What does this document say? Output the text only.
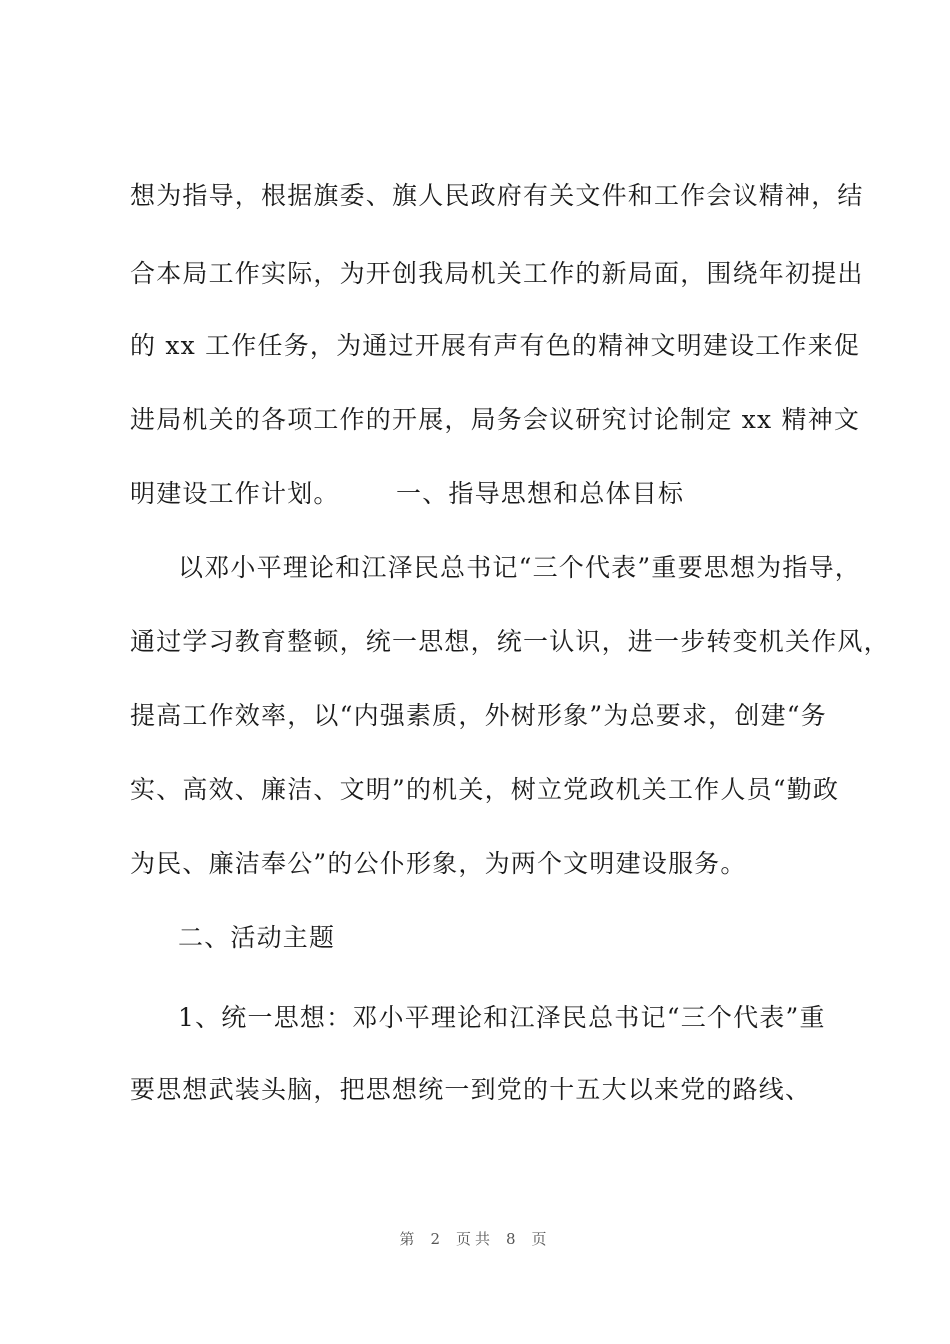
想为指导，根据旗委、旗人民政府有关文件和工作会议精神，结
合本局工作实际，为开创我局机关工作的新局面，围绕年初提出
的 xx 工作任务，为通过开展有声有色的精神文明建设工作来促
进局机关的各项工作的开展，局务会议研究讨论制定 xx 精神文
明建设工作计划。 一、指导思想和总体目标
以邓小平理论和江泽民总书记“三个代表”重要思想为指导，
通过学习教育整顿，统一思想，统一认识，进一步转变机关作风，
提高工作效率，以“内强素质，外树形象”为总要求，创建“务
实、高效、廉洁、文明”的机关，树立党政机关工作人员“勤政
为民、廉洁奉公”的公仆形象，为两个文明建设服务。
二、活动主题
1、统一思想：邓小平理论和江泽民总书记“三个代表”重
要思想武装头脑，把思想统一到党的十五大以来党的路线、
第 2 页共 8 页
